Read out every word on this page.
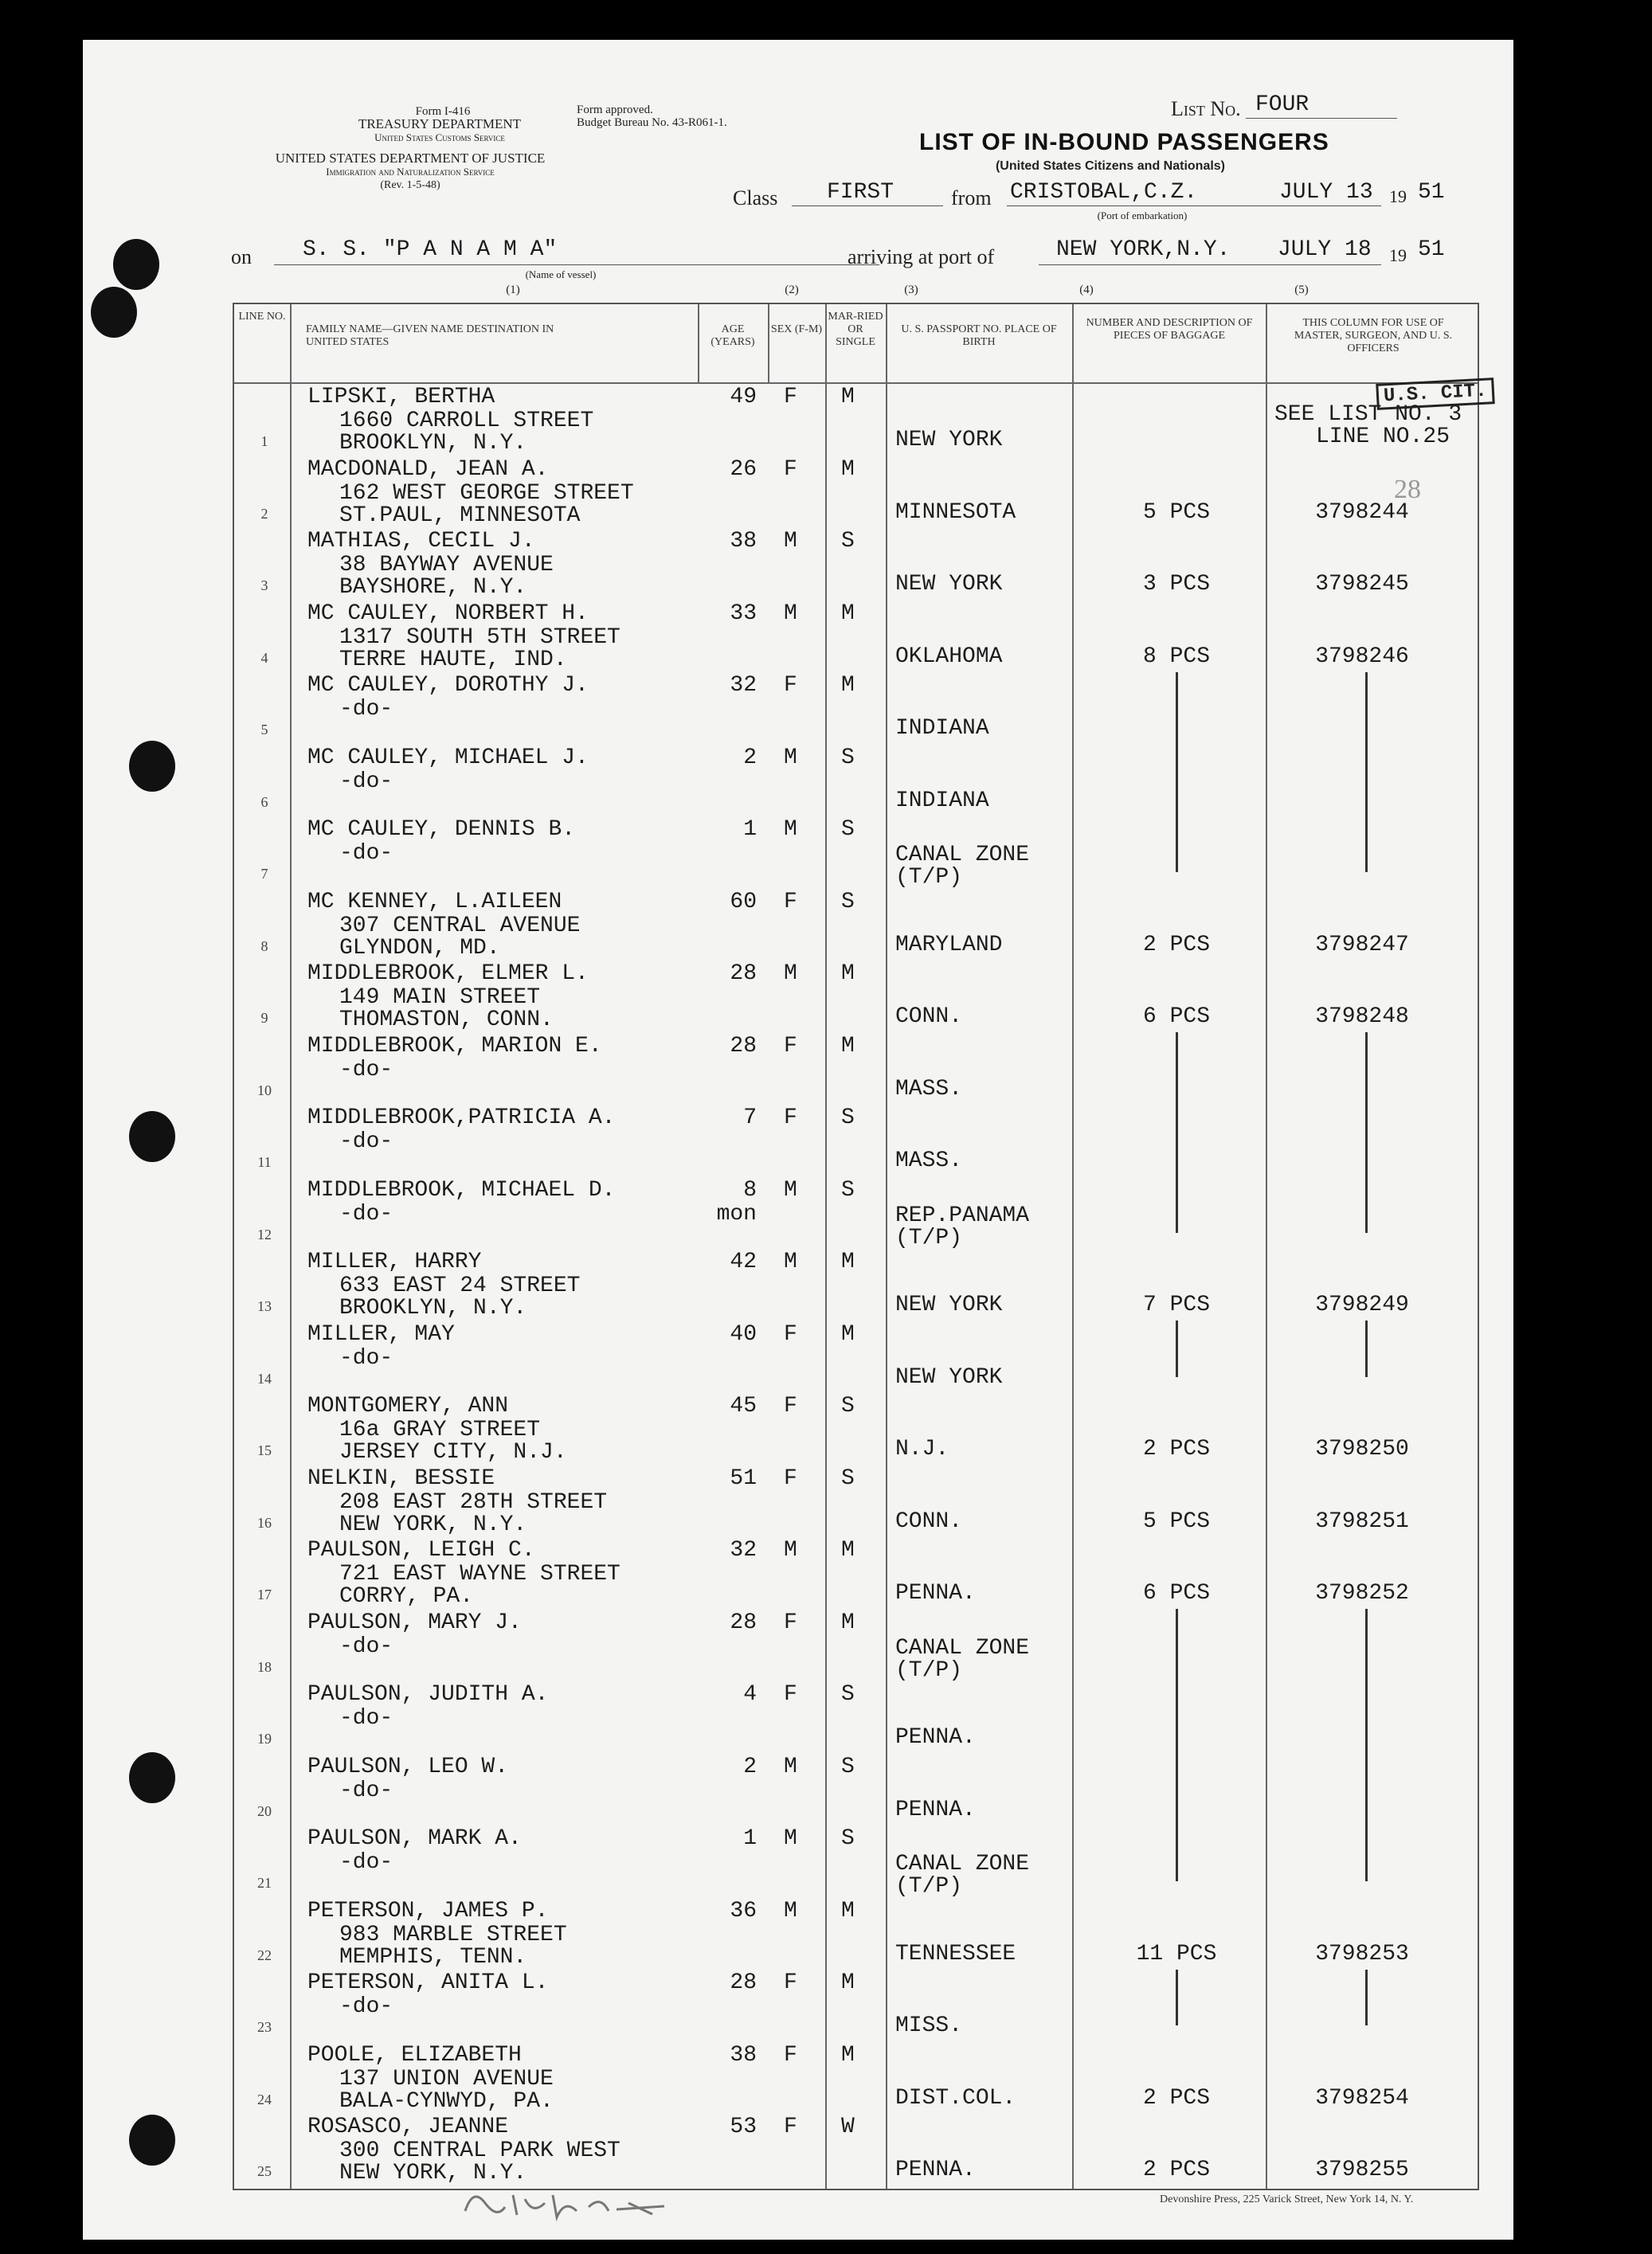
Form I-416
TREASURY DEPARTMENT
United States Customs Service
UNITED STATES DEPARTMENT OF JUSTICE
Immigration and Naturalization Service
(Rev. 1-5-48)
Form approved.
Budget Bureau No. 43-R061-1.
List No. FOUR
LIST OF IN-BOUND PASSENGERS
(United States Citizens and Nationals)
Class FIRST	from CRISTOBAL,C.Z.	JULY 13 19 51
(Port of embarkation)
on S. S. "P A N A M A"
(Name of vessel)
arriving at port of	NEW YORK,N.Y. JULY 18 19 51
(1)	(2)	(3)	(4)	(5)
LINE NO.
FAMILY NAME—GIVEN NAME DESTINATION IN UNITED STATES
AGE (YEARS)
SEX (F-M)
MAR-RIED OR SINGLE
U. S. PASSPORT NO. PLACE OF BIRTH
NUMBER AND DESCRIPTION OF PIECES OF BAGGAGE
THIS COLUMN FOR USE OF MASTER, SURGEON, AND U. S. OFFICERS
1
LIPSKI, BERTHA
1660 CARROLL STREET
BROOKLYN, N.Y.
49 F M
NEW YORK
SEE LIST NO. 3
LINE NO.25
2
MACDONALD, JEAN A.
162 WEST GEORGE STREET
ST.PAUL, MINNESOTA
26 F M
MINNESOTA	5 PCS	3798244
3
MATHIAS, CECIL J.
38 BAYWAY AVENUE
BAYSHORE, N.Y.
38 M S
NEW YORK	3 PCS	3798245
4
MC CAULEY, NORBERT H.
1317 SOUTH 5TH STREET
TERRE HAUTE, IND.
33 M M
OKLAHOMA	8 PCS	3798246
5
MC CAULEY, DOROTHY J.
-do-
32 F M
INDIANA
6
MC CAULEY, MICHAEL J.
-do-
2 M S
INDIANA
7
MC CAULEY, DENNIS B.
-do-
1 M S
CANAL ZONE
(T/P)
8
MC KENNEY, L.AILEEN
307 CENTRAL AVENUE
GLYNDON, MD.
60 F S
MARYLAND	2 PCS	3798247
9
MIDDLEBROOK, ELMER L.
149 MAIN STREET
THOMASTON, CONN.
28 M M
CONN.	6 PCS	3798248
10
MIDDLEBROOK, MARION E.
-do-
28 F M
MASS.
11
MIDDLEBROOK,PATRICIA A.
-do-
7 F S
MASS.
12
MIDDLEBROOK, MICHAEL D.
-do-
8
mon
M S
REP.PANAMA
(T/P)
13
MILLER, HARRY
633 EAST 24 STREET
BROOKLYN, N.Y.
42 M M
NEW YORK	7 PCS	3798249
14
MILLER, MAY
-do-
40 F M
NEW YORK
15
MONTGOMERY, ANN
16a GRAY STREET
JERSEY CITY, N.J.
45 F S
N.J.	2 PCS	3798250
16
NELKIN, BESSIE
208 EAST 28TH STREET
NEW YORK, N.Y.
51 F S
CONN.	5 PCS	3798251
17
PAULSON, LEIGH C.
721 EAST WAYNE STREET
CORRY, PA.
32 M M
PENNA.	6 PCS	3798252
18
PAULSON, MARY J.
-do-
28 F M
CANAL ZONE
(T/P)
19
PAULSON, JUDITH A.
-do-
4 F S
PENNA.
20
PAULSON, LEO W.
-do-
2 M S
PENNA.
21
PAULSON, MARK A.
-do-
1 M S
CANAL ZONE
(T/P)
22
PETERSON, JAMES P.
983 MARBLE STREET
MEMPHIS, TENN.
36 M M
TENNESSEE	11 PCS	3798253
23
PETERSON, ANITA L.
-do-
28 F M
MISS.
24
POOLE, ELIZABETH
137 UNION AVENUE
BALA-CYNWYD, PA.
38 F M
DIST.COL.	2 PCS	3798254
25
ROSASCO, JEANNE
300 CENTRAL PARK WEST
NEW YORK, N.Y.
53 F W
PENNA.	2 PCS	3798255
U.S. CIT.
28
Devonshire Press, 225 Varick Street, New York 14, N. Y.
